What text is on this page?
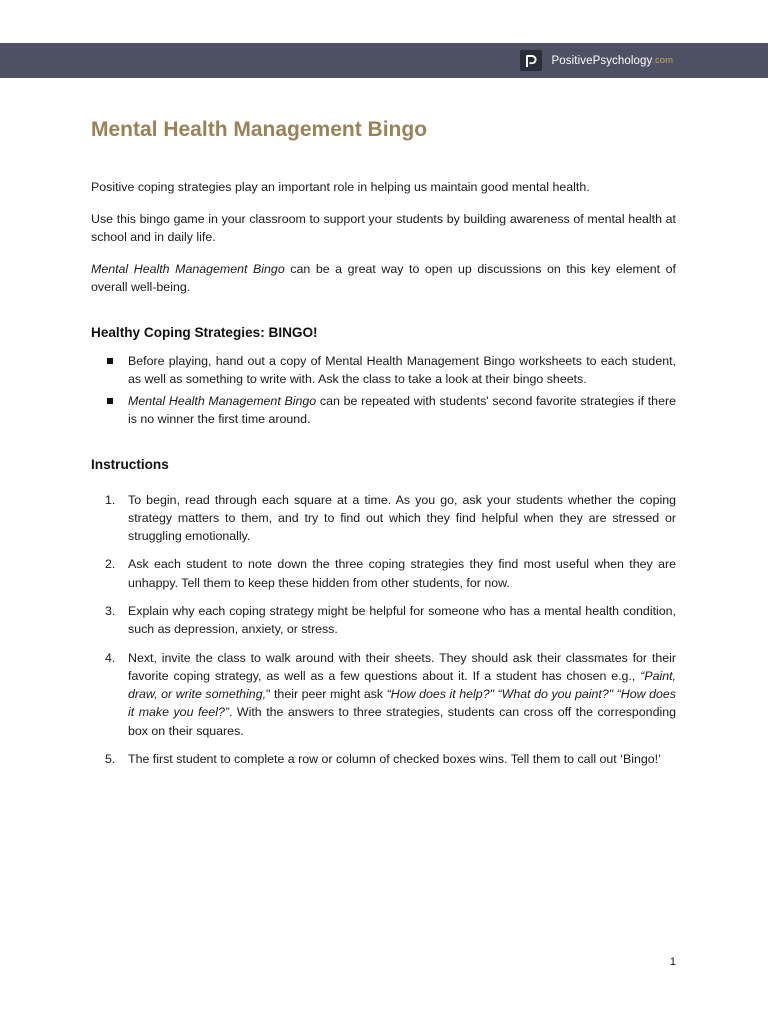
PositivePsychology .com
Mental Health Management Bingo

Positive coping strategies play an important role in helping us maintain good mental health.

Use this bingo game in your classroom to support your students by building awareness of mental health at school and in daily life.

Mental Health Management Bingo can be a great way to open up discussions on this key element of overall well-being.

Healthy Coping Strategies: BINGO!
Before playing, hand out a copy of Mental Health Management Bingo worksheets to each student, as well as something to write with. Ask the class to take a look at their bingo sheets.
Mental Health Management Bingo can be repeated with students' second favorite strategies if there is no winner the first time around.
Instructions
1. To begin, read through each square at a time. As you go, ask your students whether the coping strategy matters to them, and try to find out which they find helpful when they are stressed or struggling emotionally.
2. Ask each student to note down the three coping strategies they find most useful when they are unhappy. Tell them to keep these hidden from other students, for now.
3. Explain why each coping strategy might be helpful for someone who has a mental health condition, such as depression, anxiety, or stress.
4. Next, invite the class to walk around with their sheets. They should ask their classmates for their favorite coping strategy, as well as a few questions about it. If a student has chosen e.g., “Paint, draw, or write something," their peer might ask “How does it help?" “What do you paint?" “How does it make you feel?”. With the answers to three strategies, students can cross off the corresponding box on their squares.
5. The first student to complete a row or column of checked boxes wins. Tell them to call out ‘Bingo!’
1
